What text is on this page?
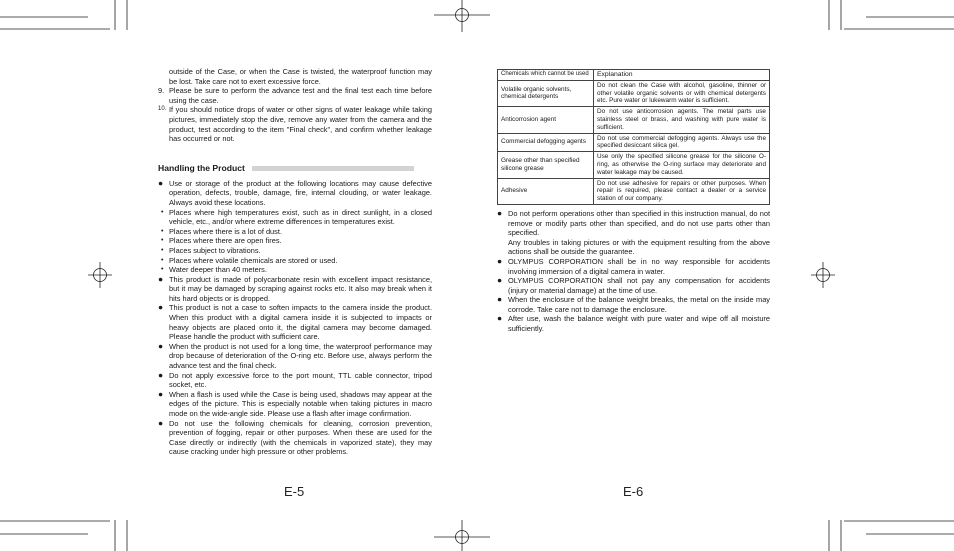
outside of the Case, or when the Case is twisted, the waterproof function may be lost. Take care not to exert excessive force.
9. Please be sure to perform the advance test and the final test each time before using the case.
10. If you should notice drops of water or other signs of water leakage while taking pictures, immediately stop the dive, remove any water from the camera and the product, test according to the item "Final check", and confirm whether leakage has occurred or not.
Handling the Product
● Use or storage of the product at the following locations may cause defective operation, defects, trouble, damage, fire, internal clouding, or water leakage. Always avoid these locations.
• Places where high temperatures exist, such as in direct sunlight, in a closed vehicle, etc., and/or where extreme differences in temperatures exist.
• Places where there is a lot of dust.
• Places where there are open fires.
• Places subject to vibrations.
• Places where volatile chemicals are stored or used.
• Water deeper than 40 meters.
● This product is made of polycarbonate resin with excellent impact resistance, but it may be damaged by scraping against rocks etc. It also may break when it hits hard objects or is dropped.
● This product is not a case to soften impacts to the camera inside the product. When this product with a digital camera inside it is subjected to impacts or heavy objects are placed onto it, the digital camera may become damaged. Please handle the product with sufficient care.
● When the product is not used for a long time, the waterproof performance may drop because of deterioration of the O-ring etc. Before use, always perform the advance test and the final check.
● Do not apply excessive force to the port mount, TTL cable connector, tripod socket, etc.
● When a flash is used while the Case is being used, shadows may appear at the edges of the picture. This is especially notable when taking pictures in macro mode on the wide-angle side. Please use a flash after image confirmation.
● Do not use the following chemicals for cleaning, corrosion prevention, prevention of fogging, repair or other purposes. When these are used for the Case directly or indirectly (with the chemicals in vaporized state), they may cause cracking under high pressure or other problems.
E-5
Chemicals which cannot be used	Explanation
Volatile organic solvents, chemical detergents	Do not clean the Case with alcohol, gasoline, thinner or other volatile organic solvents or with chemical detergents etc. Pure water or lukewarm water is sufficient.
Anticorrosion agent	Do not use anticorrosion agents. The metal parts use stainless steel or brass, and washing with pure water is sufficient.
Commercial defogging agents	Do not use commercial defogging agents. Always use the specified desiccant silica gel.
Grease other than specified silicone grease	Use only the specified silicone grease for the silicone O-ring, as otherwise the O-ring surface may deteriorate and water leakage may be caused.
Adhesive	Do not use adhesive for repairs or other purposes. When repair is required, please contact a dealer or a service station of our company.
● Do not perform operations other than specified in this instruction manual, do not remove or modify parts other than specified, and do not use parts other than specified.

Any troubles in taking pictures or with the equipment resulting from the above actions shall be outside the guarantee.

● OLYMPUS CORPORATION shall be in no way responsible for accidents involving immersion of a digital camera in water.
● OLYMPUS CORPORATION shall not pay any compensation for accidents (injury or material damage) at the time of use.
● When the enclosure of the balance weight breaks, the metal on the inside may corrode. Take care not to damage the enclosure.
● After use, wash the balance weight with pure water and wipe off all moisture sufficiently.
E-6
